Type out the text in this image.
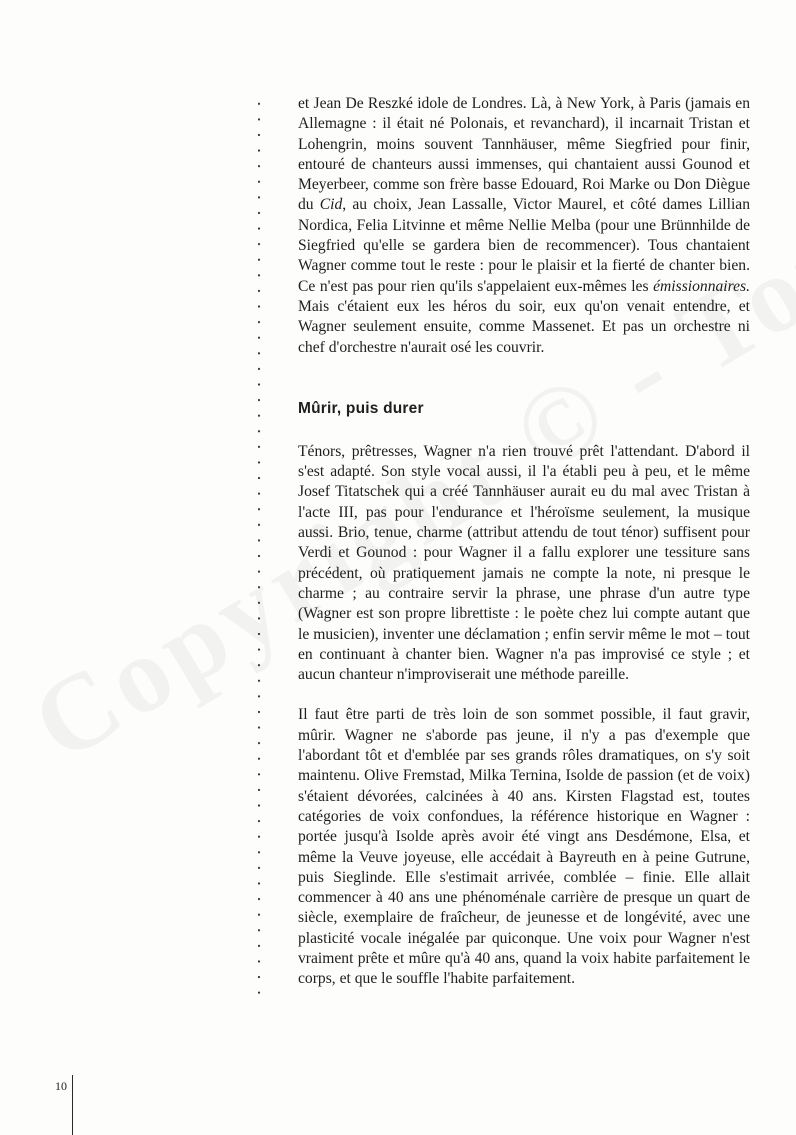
et Jean De Reszké idole de Londres. Là, à New York, à Paris (jamais en Allemagne : il était né Polonais, et revanchard), il incarnait Tristan et Lohengrin, moins souvent Tannhäuser, même Siegfried pour finir, entouré de chanteurs aussi immenses, qui chantaient aussi Gounod et Meyerbeer, comme son frère basse Edouard, Roi Marke ou Don Diègue du Cid, au choix, Jean Lassalle, Victor Maurel, et côté dames Lillian Nordica, Felia Litvinne et même Nellie Melba (pour une Brünnhilde de Siegfried qu'elle se gardera bien de recommencer). Tous chantaient Wagner comme tout le reste : pour le plaisir et la fierté de chanter bien. Ce n'est pas pour rien qu'ils s'appelaient eux-mêmes les émissionnaires. Mais c'étaient eux les héros du soir, eux qu'on venait entendre, et Wagner seulement ensuite, comme Massenet. Et pas un orchestre ni chef d'orchestre n'aurait osé les couvrir.

Mûrir, puis durer

Ténors, prêtresses, Wagner n'a rien trouvé prêt l'attendant. D'abord il s'est adapté. Son style vocal aussi, il l'a établi peu à peu, et le même Josef Titatschek qui a créé Tannhäuser aurait eu du mal avec Tristan à l'acte III, pas pour l'endurance et l'héroïsme seulement, la musique aussi. Brio, tenue, charme (attribut attendu de tout ténor) suffisent pour Verdi et Gounod : pour Wagner il a fallu explorer une tessiture sans précédent, où pratiquement jamais ne compte la note, ni presque le charme ; au contraire servir la phrase, une phrase d'un autre type (Wagner est son propre librettiste : le poète chez lui compte autant que le musicien), inventer une déclamation ; enfin servir même le mot – tout en continuant à chanter bien. Wagner n'a pas improvisé ce style ; et aucun chanteur n'improviserait une méthode pareille.

Il faut être parti de très loin de son sommet possible, il faut gravir, mûrir. Wagner ne s'aborde pas jeune, il n'y a pas d'exemple que l'abordant tôt et d'emblée par ses grands rôles dramatiques, on s'y soit maintenu. Olive Fremstad, Milka Ternina, Isolde de passion (et de voix) s'étaient dévorées, calcinées à 40 ans. Kirsten Flagstad est, toutes catégories de voix confondues, la référence historique en Wagner : portée jusqu'à Isolde après avoir été vingt ans Desdémone, Elsa, et même la Veuve joyeuse, elle accédait à Bayreuth en à peine Gutrune, puis Sieglinde. Elle s'estimait arrivée, comblée – finie. Elle allait commencer à 40 ans une phénoménale carrière de presque un quart de siècle, exemplaire de fraîcheur, de jeunesse et de longévité, avec une plasticité vocale inégalée par quiconque. Une voix pour Wagner n'est vraiment prête et mûre qu'à 40 ans, quand la voix habite parfaitement le corps, et que le souffle l'habite parfaitement.

10
